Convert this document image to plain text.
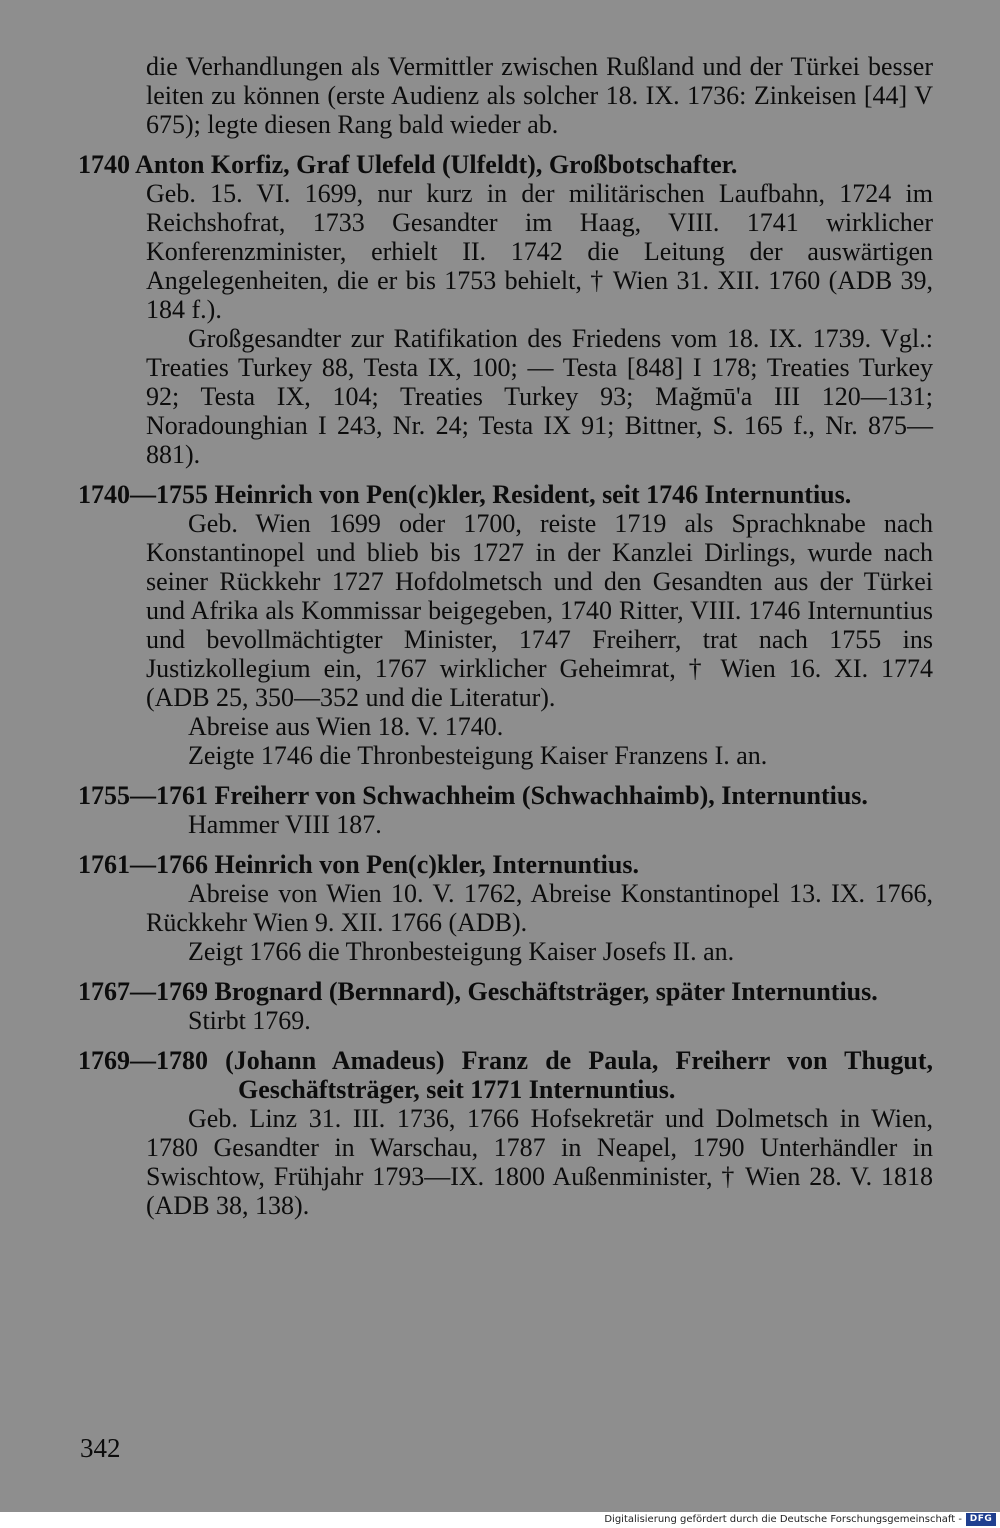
die Verhandlungen als Vermittler zwischen Rußland und der Türkei besser leiten zu können (erste Audienz als solcher 18. IX. 1736: Zinkeisen [44] V 675); legte diesen Rang bald wieder ab.

1740 Anton Korfiz, Graf Ulefeld (Ulfeldt), Großbotschafter.

Geb. 15. VI. 1699, nur kurz in der militärischen Laufbahn, 1724 im Reichshofrat, 1733 Gesandter im Haag, VIII. 1741 wirklicher Konferenzminister, erhielt II. 1742 die Leitung der auswärtigen Angelegenheiten, die er bis 1753 behielt, † Wien 31. XII. 1760 (ADB 39, 184 f.).

Großgesandter zur Ratifikation des Friedens vom 18. IX. 1739. Vgl.: Treaties Turkey 88, Testa IX, 100; — Testa [848] I 178; Treaties Turkey 92; Testa IX, 104; Treaties Turkey 93; Mağmū'a III 120—131; Noradounghian I 243, Nr. 24; Testa IX 91; Bittner, S. 165 f., Nr. 875—881).

1740—1755 Heinrich von Pen(c)kler, Resident, seit 1746 Internuntius.

Geb. Wien 1699 oder 1700, reiste 1719 als Sprachknabe nach Konstantinopel und blieb bis 1727 in der Kanzlei Dirlings, wurde nach seiner Rückkehr 1727 Hofdolmetsch und den Gesandten aus der Türkei und Afrika als Kommissar beigegeben, 1740 Ritter, VIII. 1746 Internuntius und bevollmächtigter Minister, 1747 Freiherr, trat nach 1755 ins Justizkollegium ein, 1767 wirklicher Geheimrat, † Wien 16. XI. 1774 (ADB 25, 350—352 und die Literatur).

Abreise aus Wien 18. V. 1740.

Zeigte 1746 die Thronbesteigung Kaiser Franzens I. an.

1755—1761 Freiherr von Schwachheim (Schwachhaimb), Internuntius.

Hammer VIII 187.

1761—1766 Heinrich von Pen(c)kler, Internuntius.

Abreise von Wien 10. V. 1762, Abreise Konstantinopel 13. IX. 1766, Rückkehr Wien 9. XII. 1766 (ADB).

Zeigt 1766 die Thronbesteigung Kaiser Josefs II. an.

1767—1769 Brognard (Bernnard), Geschäftsträger, später Internuntius.

Stirbt 1769.

1769—1780 (Johann Amadeus) Franz de Paula, Freiherr von Thugut, Geschäftsträger, seit 1771 Internuntius.

Geb. Linz 31. III. 1736, 1766 Hofsekretär und Dolmetsch in Wien, 1780 Gesandter in Warschau, 1787 in Neapel, 1790 Unterhändler in Swischtow, Frühjahr 1793—IX. 1800 Außenminister, † Wien 28. V. 1818 (ADB 38, 138).

342
Digitalisierung gefördert durch die Deutsche Forschungsgemeinschaft - DFG
